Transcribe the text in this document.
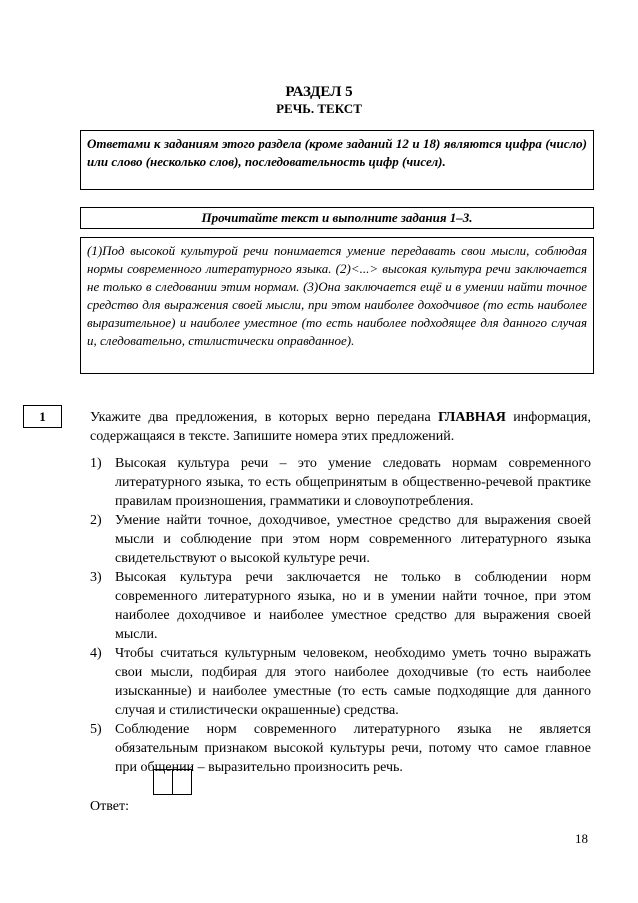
РАЗДЕЛ 5
РЕЧЬ. ТЕКСТ
Ответами к заданиям этого раздела (кроме заданий 12 и 18) являются цифра (число) или слово (несколько слов), последовательность цифр (чисел).
Прочитайте текст и выполните задания 1–3.
(1)Под высокой культурой речи понимается умение передавать свои мысли, соблюдая нормы современного литературного языка. (2)<...> высокая культура речи заключается не только в следовании этим нормам. (3)Она заключается ещё и в умении найти точное средство для выражения своей мысли, при этом наиболее доходчивое (то есть наиболее выразительное) и наиболее уместное (то есть наиболее подходящее для данного случая и, следовательно, стилистически оправданное).
1	Укажите два предложения, в которых верно передана ГЛАВНАЯ информация, содержащаяся в тексте. Запишите номера этих предложений.
1) Высокая культура речи – это умение следовать нормам современного литературного языка, то есть общепринятым в общественно-речевой практике правилам произношения, грамматики и словоупотребления.
2) Умение найти точное, доходчивое, уместное средство для выражения своей мысли и соблюдение при этом норм современного литературного языка свидетельствуют о высокой культуре речи.
3) Высокая культура речи заключается не только в соблюдении норм современного литературного языка, но и в умении найти точное, при этом наиболее доходчивое и наиболее уместное средство для выражения своей мысли.
4) Чтобы считаться культурным человеком, необходимо уметь точно выражать свои мысли, подбирая для этого наиболее доходчивые (то есть наиболее изысканные) и наиболее уместные (то есть самые подходящие для данного случая и стилистически окрашенные) средства.
5) Соблюдение норм современного литературного языка не является обязательным признаком высокой культуры речи, потому что самое главное при общении – выразительно произносить речь.
Ответ:
18
